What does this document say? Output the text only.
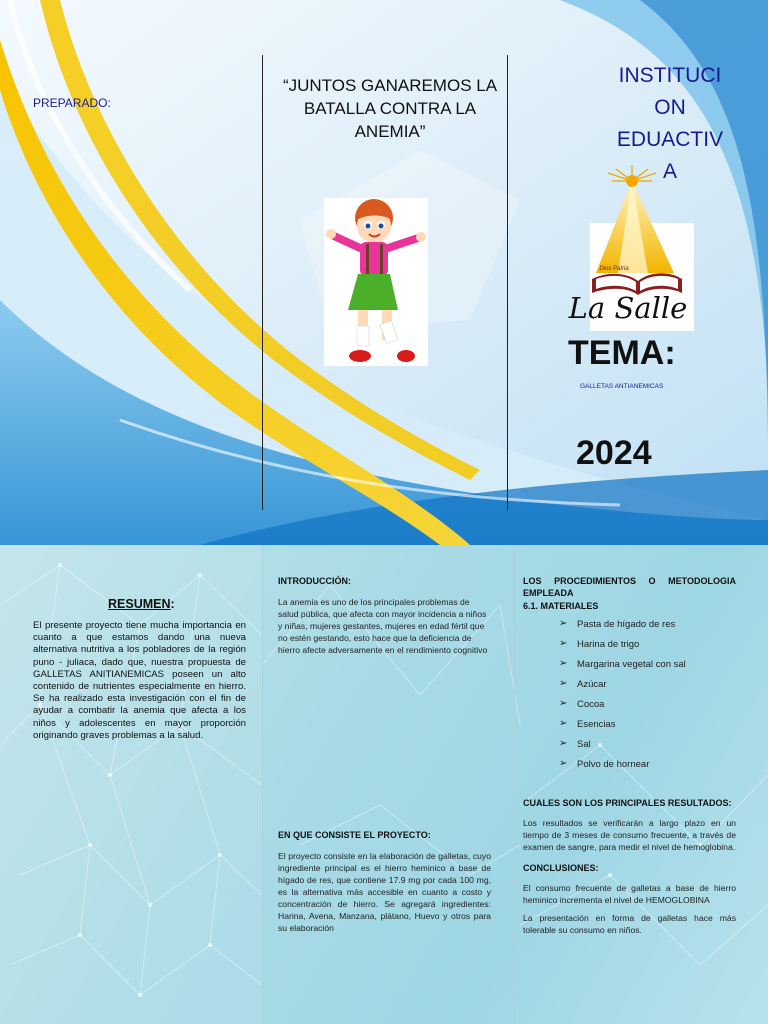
PREPARADO:
“JUNTOS GANAREMOS LA BATALLA CONTRA LA ANEMIA”
INSTITUCI
ON
EDUACTIV
A
Dios Patria
La Salle
TEMA:
GALLETAS ANTIANEMICAS
2024
RESUMEN:
El presente proyecto tiene mucha importancia en cuanto a que estamos dando una nueva alternativa nutritiva a los pobladores de la región puno - juliaca, dado que, nuestra propuesta de GALLETAS ANITIANEMICAS poseen un alto contenido de nutrientes especialmente en hierro. Se ha realizado esta investigación con el fin de ayudar a combatir la anemia que afecta a los niños y adolescentes en mayor proporción originando graves problemas a la salud.
INTRODUCCIÓN:
La anemia es uno de los principales problemas de salud pública, que afecta con mayor incidencia a niños y niñas, mujeres gestantes, mujeres en edad fértil que no estén gestando, esto hace que la deficiencia de hierro afecte adversamente en el rendimiento cognitivo
EN QUE CONSISTE EL PROYECTO:
El proyecto consiste en la elaboración de galletas, cuyo ingrediente principal es el hierro heminico a base de hígado de res, que contiene 17.9 mg por cada 100 mg, es la alternativa más accesible en cuanto a costo y concentración de hierro. Se agregará ingredientes: Harina, Avena, Manzana, plátano, Huevo y otros para su elaboración
LOS PROCEDIMIENTOS O METODOLOGIA EMPLEADA
6.1. MATERIALES
➢ Pasta de hígado de res
➢ Harina de trigo
➢ Margarina vegetal con sal
➢ Azúcar
➢ Cocoa
➢ Esencias
➢ Sal
➢ Polvo de hornear
CUALES SON LOS PRINCIPALES RESULTADOS:
Los resultados se verificarán a largo plazo en un tiempo de 3 meses de consumo frecuente, a través de examen de sangre, para medir el nivel de hemoglobina.
CONCLUSIONES:
El consumo frecuente de galletas a base de hierro heminico incrementa el nivel de HEMOGLOBINA
La presentación en forma de galletas hace más tolerable su consumo en niños.
